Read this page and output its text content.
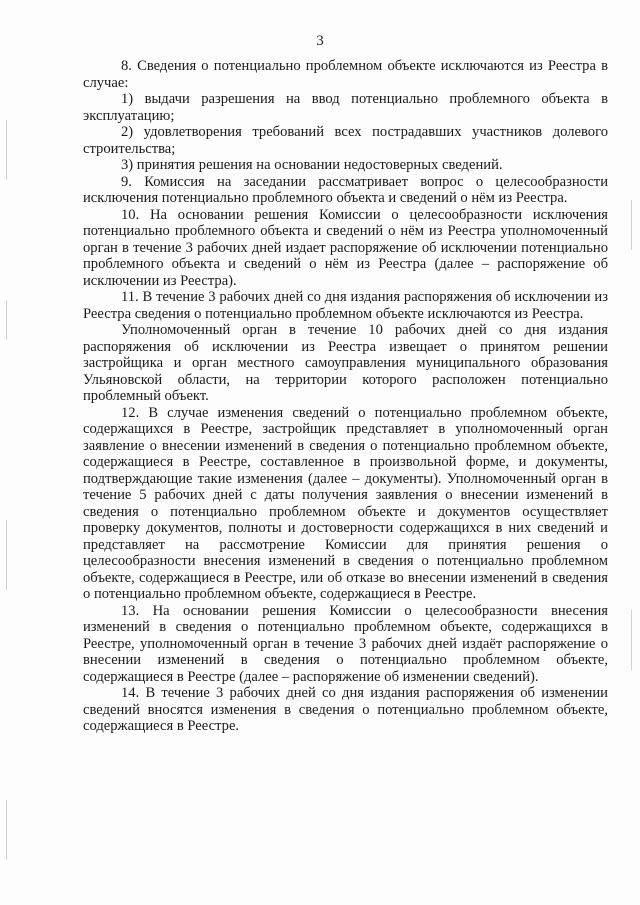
3

8. Сведения о потенциально проблемном объекте исключаются из Реестра в случае:

1) выдачи разрешения на ввод потенциально проблемного объекта в эксплуатацию;

2) удовлетворения требований всех пострадавших участников долевого строительства;

3) принятия решения на основании недостоверных сведений.

9. Комиссия на заседании рассматривает вопрос о целесообразности исключения потенциально проблемного объекта и сведений о нём из Реестра.

10. На основании решения Комиссии о целесообразности исключения потенциально проблемного объекта и сведений о нём из Реестра уполномоченный орган в течение 3 рабочих дней издает распоряжение об исключении потенциально проблемного объекта и сведений о нём из Реестра (далее – распоряжение об исключении из Реестра).

11. В течение 3 рабочих дней со дня издания распоряжения об исключении из Реестра сведения о потенциально проблемном объекте исключаются из Реестра.

Уполномоченный орган в течение 10 рабочих дней со дня издания распоряжения об исключении из Реестра извещает о принятом решении застройщика и орган местного самоуправления муниципального образования Ульяновской области, на территории которого расположен потенциально проблемный объект.

12. В случае изменения сведений о потенциально проблемном объекте, содержащихся в Реестре, застройщик представляет в уполномоченный орган заявление о внесении изменений в сведения о потенциально проблемном объекте, содержащиеся в Реестре, составленное в произвольной форме, и документы, подтверждающие такие изменения (далее – документы). Уполномоченный орган в течение 5 рабочих дней с даты получения заявления о внесении изменений в сведения о потенциально проблемном объекте и документов осуществляет проверку документов, полноты и достоверности содержащихся в них сведений и представляет на рассмотрение Комиссии для принятия решения о целесообразности внесения изменений в сведения о потенциально проблемном объекте, содержащиеся в Реестре, или об отказе во внесении изменений в сведения о потенциально проблемном объекте, содержащиеся в Реестре.

13. На основании решения Комиссии о целесообразности внесения изменений в сведения о потенциально проблемном объекте, содержащихся в Реестре, уполномоченный орган в течение 3 рабочих дней издаёт распоряжение о внесении изменений в сведения о потенциально проблемном объекте, содержащиеся в Реестре (далее – распоряжение об изменении сведений).

14. В течение 3 рабочих дней со дня издания распоряжения об изменении сведений вносятся изменения в сведения о потенциально проблемном объекте, содержащиеся в Реестре.
